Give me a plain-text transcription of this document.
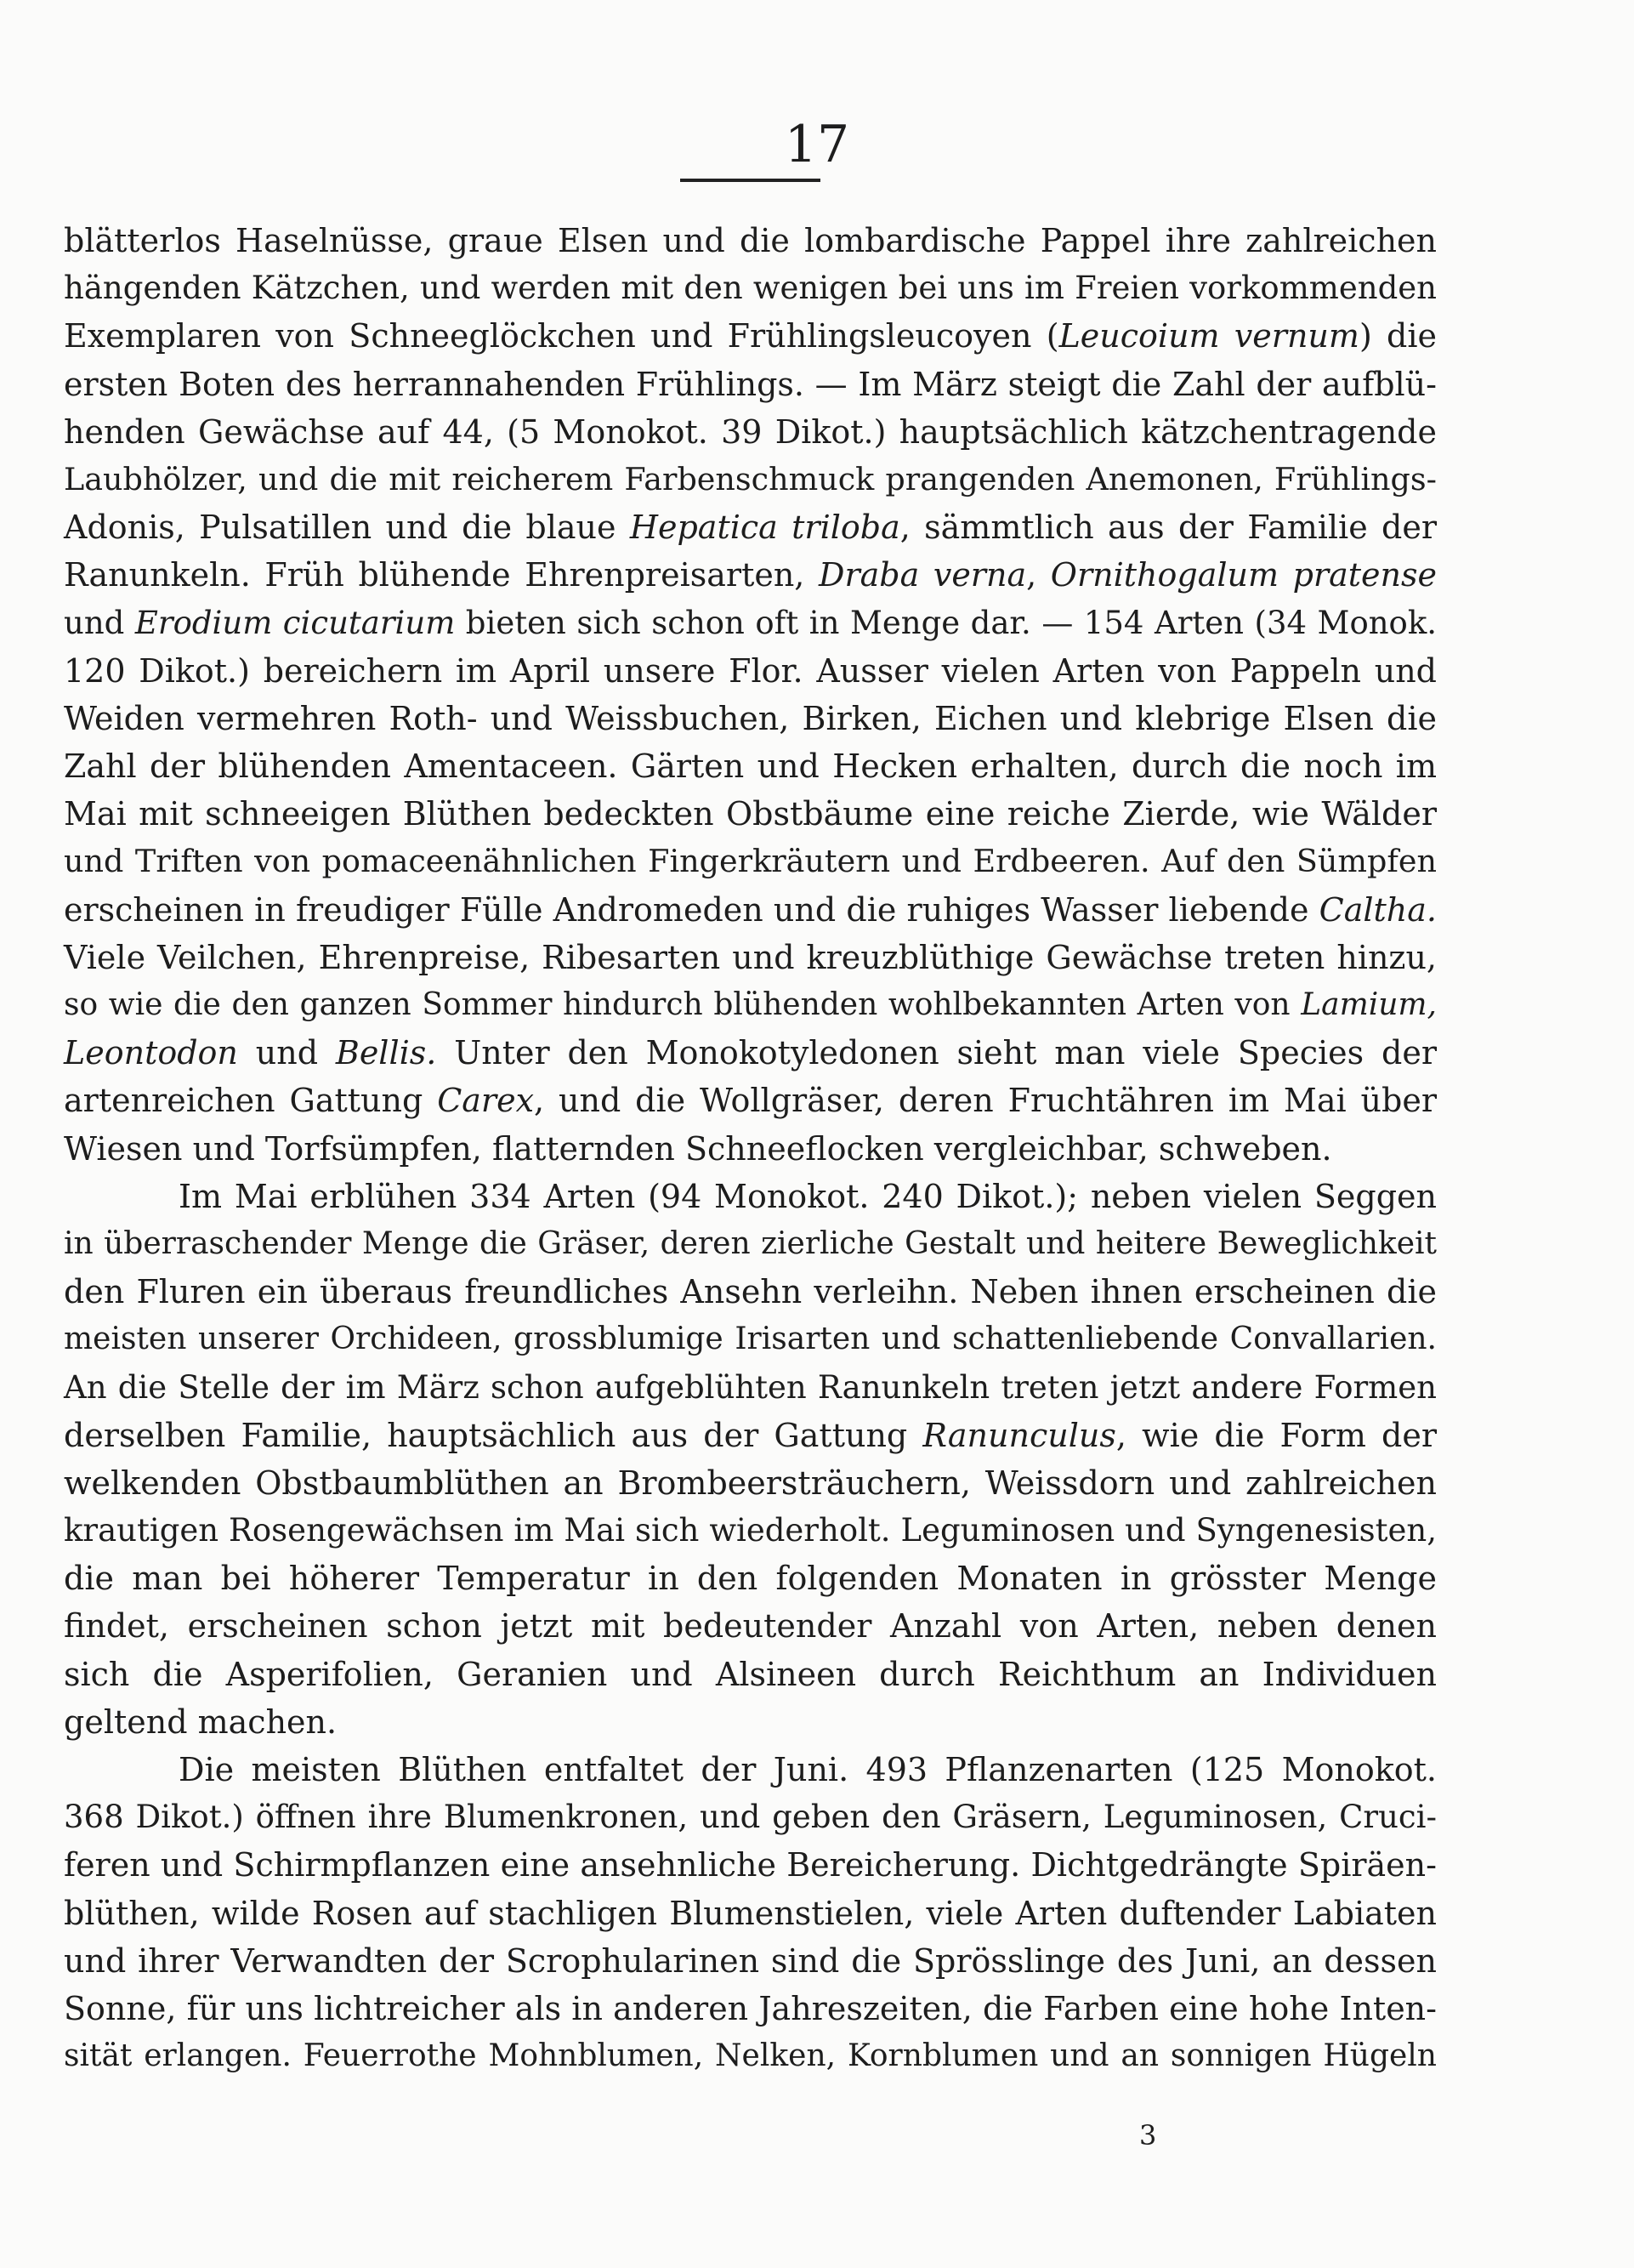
17
blätterlos Haselnüsse, graue Elsen und die lombardische Pappel ihre zahlreichen
hängenden Kätzchen, und werden mit den wenigen bei uns im Freien vorkommenden
Exemplaren von Schneeglöckchen und Frühlingsleucoyen (Leucoium vernum) die
ersten Boten des herrannahenden Frühlings. — Im März steigt die Zahl der aufblü-
henden Gewächse auf 44, (5 Monokot. 39 Dikot.) hauptsächlich kätzchentragende
Laubhölzer, und die mit reicherem Farbenschmuck prangenden Anemonen, Frühlings-
Adonis, Pulsatillen und die blaue Hepatica triloba, sämmtlich aus der Familie der
Ranunkeln. Früh blühende Ehrenpreisarten, Draba verna, Ornithogalum pratense
und Erodium cicutarium bieten sich schon oft in Menge dar. — 154 Arten (34 Monok.
120 Dikot.) bereichern im April unsere Flor. Ausser vielen Arten von Pappeln und
Weiden vermehren Roth- und Weissbuchen, Birken, Eichen und klebrige Elsen die
Zahl der blühenden Amentaceen. Gärten und Hecken erhalten, durch die noch im
Mai mit schneeigen Blüthen bedeckten Obstbäume eine reiche Zierde, wie Wälder
und Triften von pomaceenähnlichen Fingerkräutern und Erdbeeren. Auf den Sümpfen
erscheinen in freudiger Fülle Andromeden und die ruhiges Wasser liebende Caltha.
Viele Veilchen, Ehrenpreise, Ribesarten und kreuzblüthige Gewächse treten hinzu,
so wie die den ganzen Sommer hindurch blühenden wohlbekannten Arten von Lamium,
Leontodon und Bellis. Unter den Monokotyledonen sieht man viele Species der
artenreichen Gattung Carex, und die Wollgräser, deren Fruchtähren im Mai über
Wiesen und Torfsümpfen, flatternden Schneeflocken vergleichbar, schweben.
Im Mai erblühen 334 Arten (94 Monokot. 240 Dikot.); neben vielen Seggen
in überraschender Menge die Gräser, deren zierliche Gestalt und heitere Beweglichkeit
den Fluren ein überaus freundliches Ansehn verleihn. Neben ihnen erscheinen die
meisten unserer Orchideen, grossblumige Irisarten und schattenliebende Convallarien.
An die Stelle der im März schon aufgeblühten Ranunkeln treten jetzt andere Formen
derselben Familie, hauptsächlich aus der Gattung Ranunculus, wie die Form der
welkenden Obstbaumblüthen an Brombeersträuchern, Weissdorn und zahlreichen
krautigen Rosengewächsen im Mai sich wiederholt. Leguminosen und Syngenesisten,
die man bei höherer Temperatur in den folgenden Monaten in grösster Menge
findet, erscheinen schon jetzt mit bedeutender Anzahl von Arten, neben denen
sich die Asperifolien, Geranien und Alsineen durch Reichthum an Individuen
geltend machen.
Die meisten Blüthen entfaltet der Juni. 493 Pflanzenarten (125 Monokot.
368 Dikot.) öffnen ihre Blumenkronen, und geben den Gräsern, Leguminosen, Cruci-
feren und Schirmpflanzen eine ansehnliche Bereicherung. Dichtgedrängte Spiräen-
blüthen, wilde Rosen auf stachligen Blumenstielen, viele Arten duftender Labiaten
und ihrer Verwandten der Scrophularinen sind die Sprösslinge des Juni, an dessen
Sonne, für uns lichtreicher als in anderen Jahreszeiten, die Farben eine hohe Inten-
sität erlangen. Feuerrothe Mohnblumen, Nelken, Kornblumen und an sonnigen Hügeln
3
